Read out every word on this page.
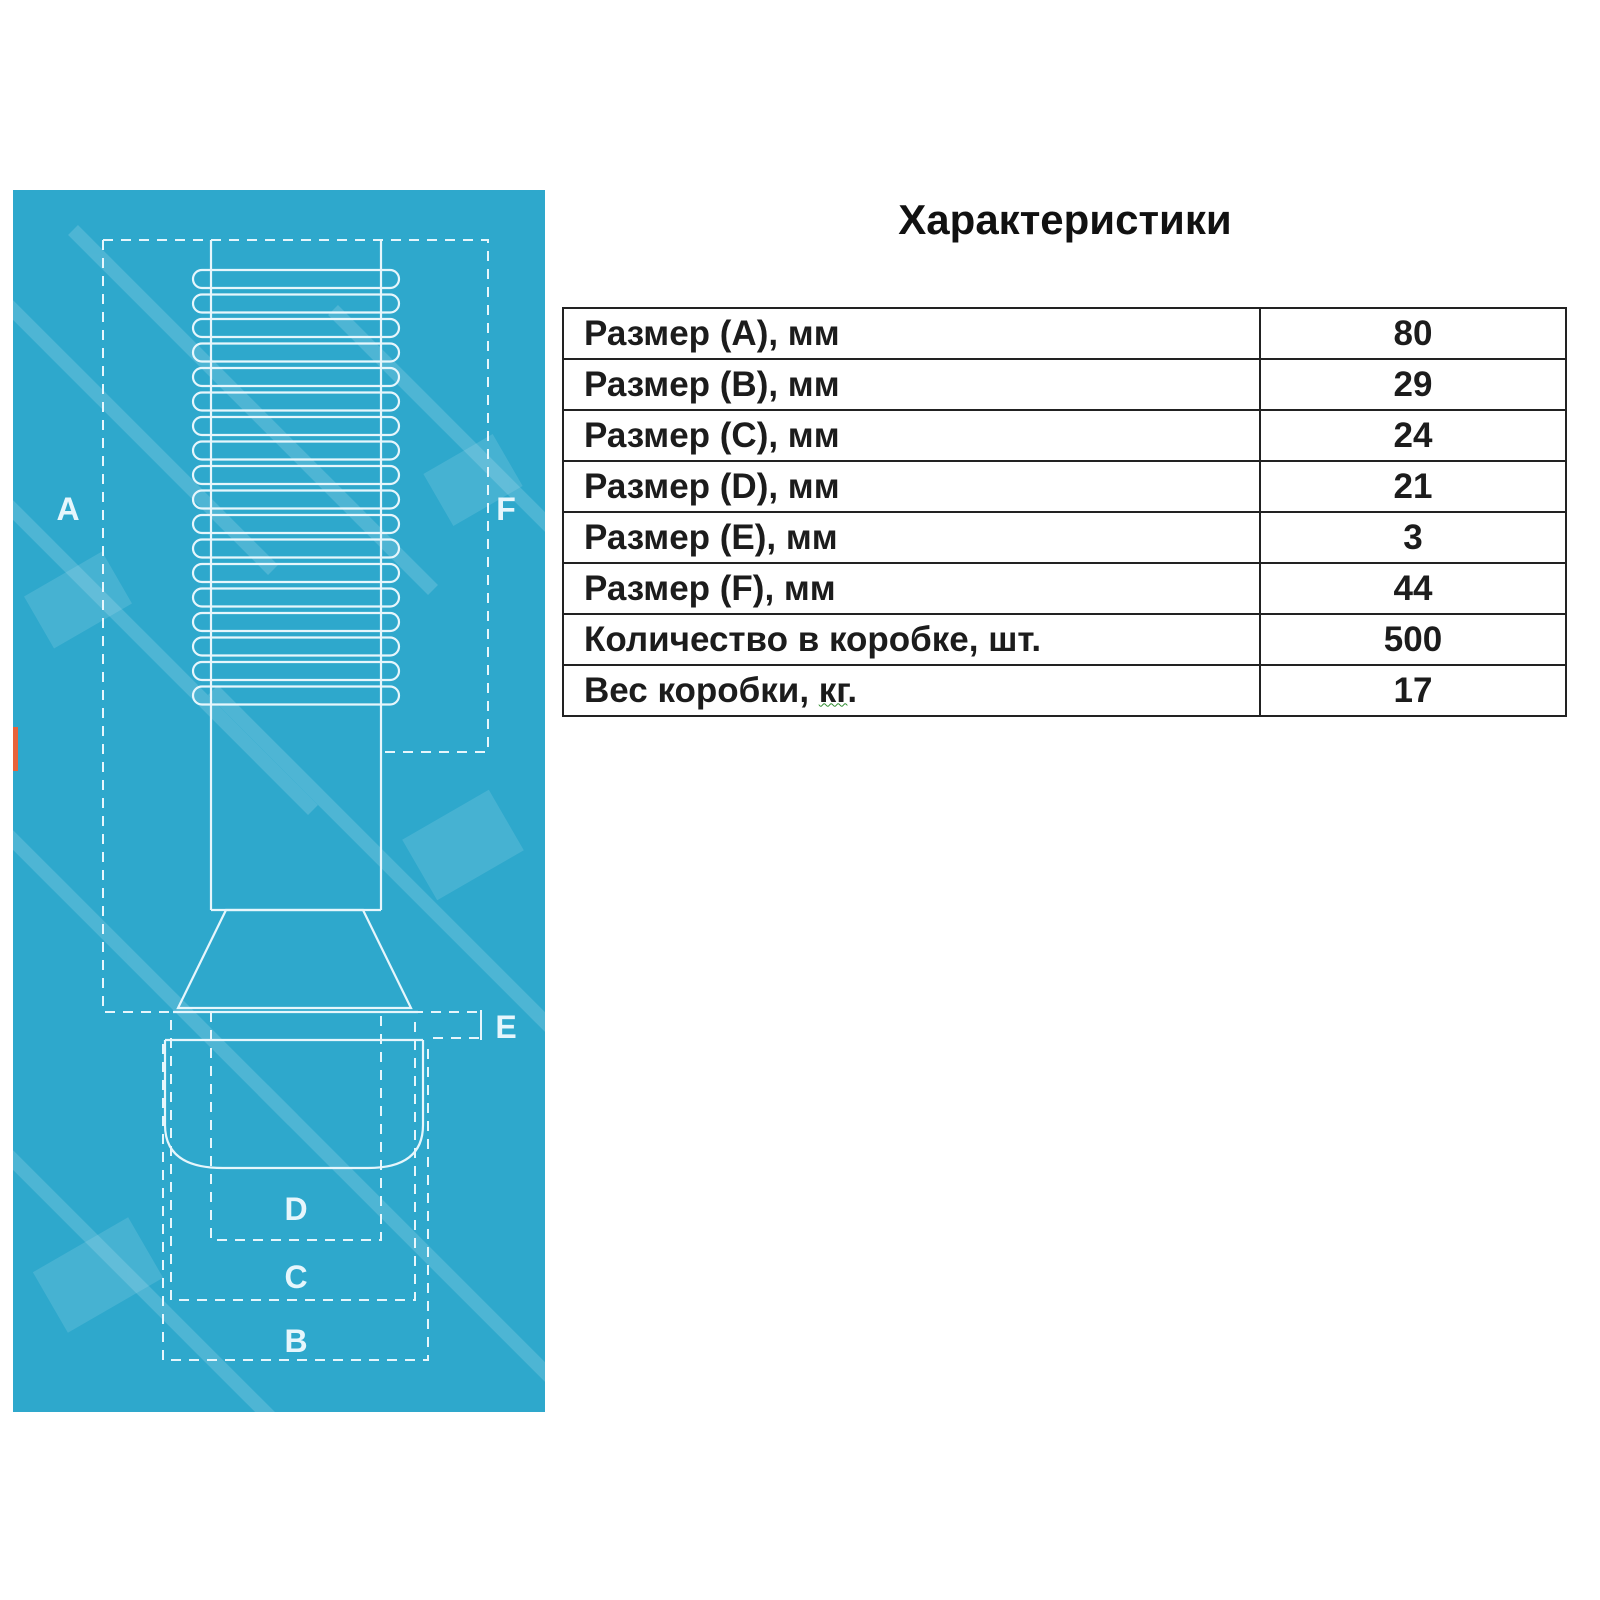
A	F
E
D
C
B
Характеристики
Размер (А), мм	80
Размер (В), мм	29
Размер (С), мм	24
Размер (D), мм	21
Размер (E), мм	3
Размер (F), мм	44
Количество в коробке, шт.	500
Вес коробки, кг.	17
